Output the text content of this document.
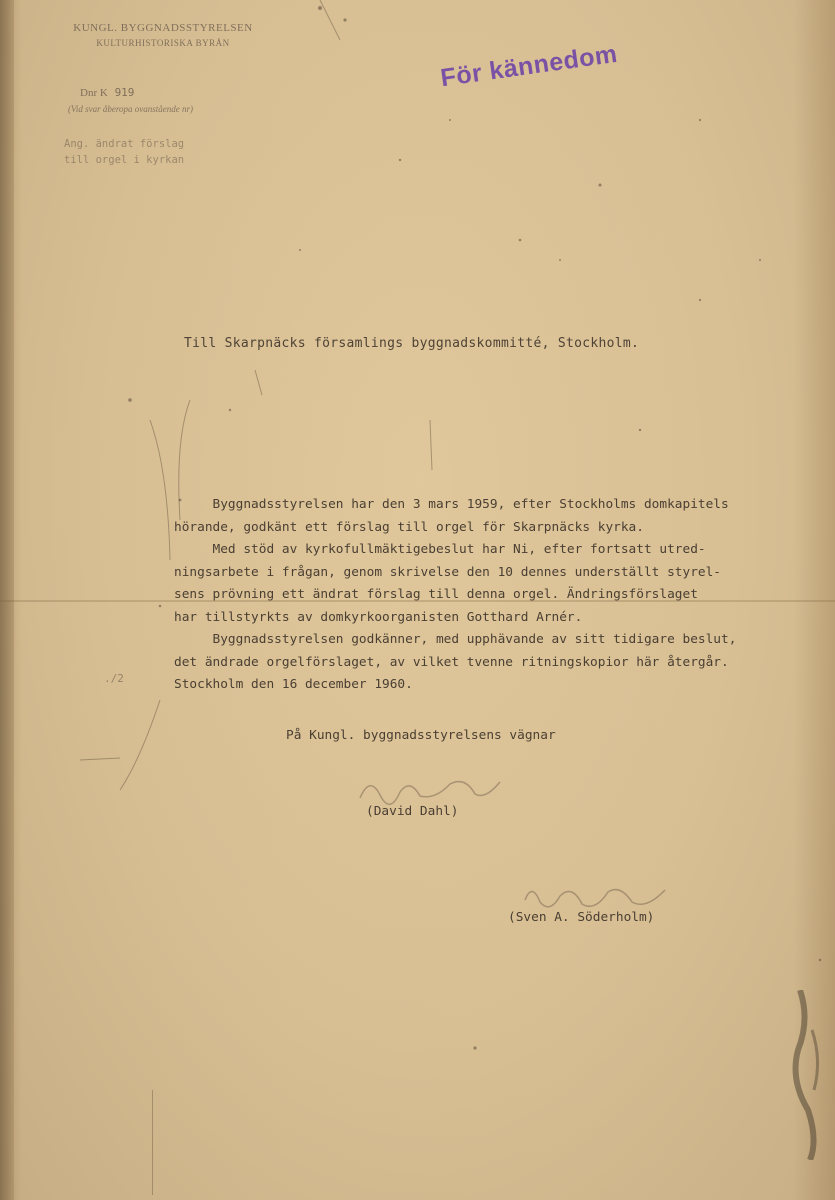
KUNGL. BYGGNADSSTYRELSEN
KULTURHISTORISKA BYRÅN
Dnr K 919
(Vid svar åberopa ovanstående nr)
Ang. ändrat förslag
till orgel i kyrkan
För kännedom
Till Skarpnäcks församlings byggnadskommitté, Stockholm.

Byggnadsstyrelsen har den 3 mars 1959, efter Stockholms domkapitels

hörande, godkänt ett förslag till orgel för Skarpnäcks kyrka.

Med stöd av kyrkofullmäktigebeslut har Ni, efter fortsatt utred-

ningsarbete i frågan, genom skrivelse den 10 dennes underställt styrel-

sens prövning ett ändrat förslag till denna orgel. Ändringsförslaget

har tillstyrkts av domkyrkoorganisten Gotthard Arnér.

Byggnadsstyrelsen godkänner, med upphävande av sitt tidigare beslut,

det ändrade orgelförslaget, av vilket tvenne ritningskopior här återgår.

Stockholm den 16 december 1960.

./2
På Kungl. byggnadsstyrelsens vägnar
(David Dahl)
(Sven A. Söderholm)
